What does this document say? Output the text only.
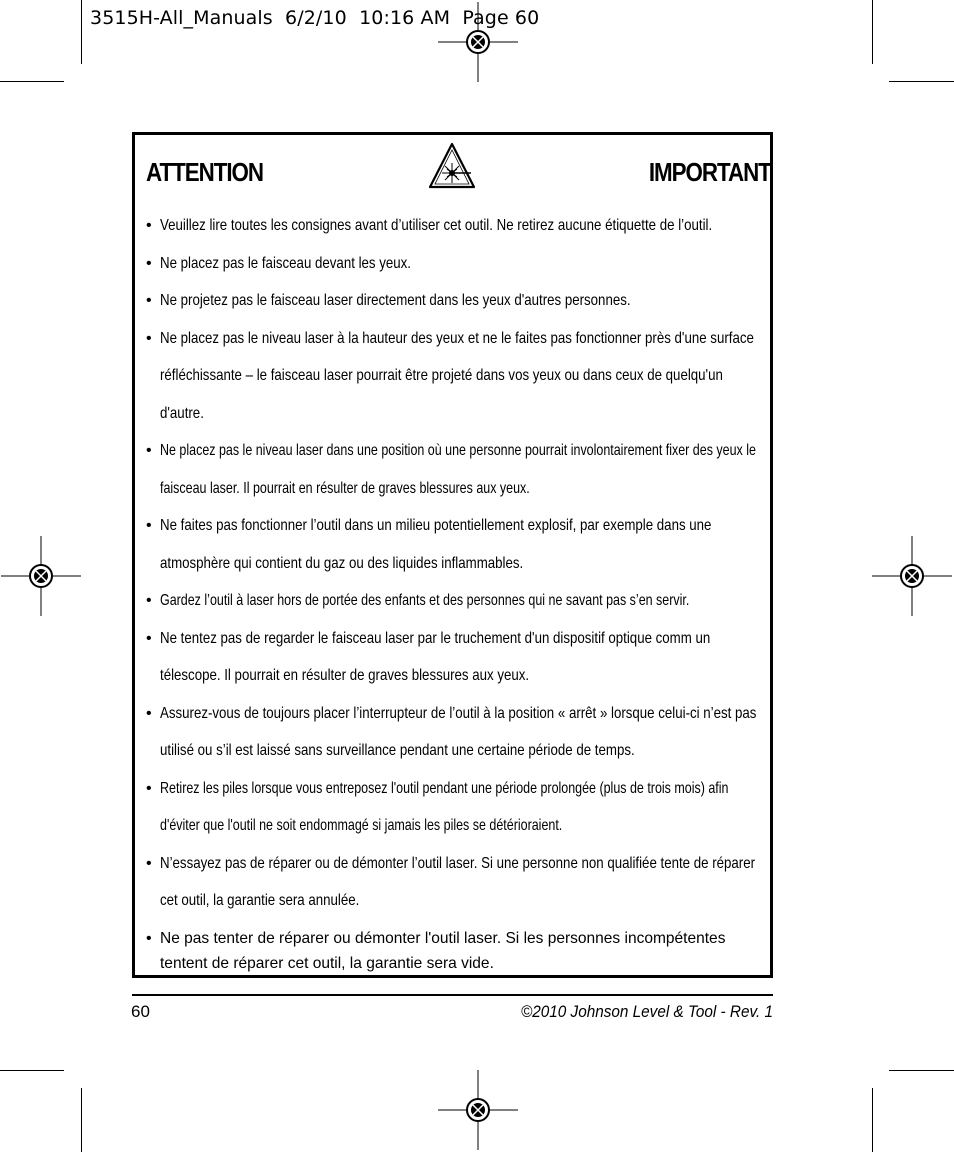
3515H-All_Manuals  6/2/10  10:16 AM  Page 60
ATTENTION	IMPORTANT
• Veuillez lire toutes les consignes avant d’utiliser cet outil. Ne retirez aucune étiquette de l’outil.
• Ne placez pas le faisceau devant les yeux.
• Ne projetez pas le faisceau laser directement dans les yeux d'autres personnes.
• Ne placez pas le niveau laser à la hauteur des yeux et ne le faites pas fonctionner près d'une surface réfléchissante – le faisceau laser pourrait être projeté dans vos yeux ou dans ceux de quelqu'un d'autre.
• Ne placez pas le niveau laser dans une position où une personne pourrait involontairement fixer des yeux le faisceau laser. Il pourrait en résulter de graves blessures aux yeux.
• Ne faites pas fonctionner l’outil dans un milieu potentiellement explosif, par exemple dans une atmosphère qui contient du gaz ou des liquides inflammables.
• Gardez l’outil à laser hors de portée des enfants et des personnes qui ne savant pas s’en servir.
• Ne tentez pas de regarder le faisceau laser par le truchement d'un dispositif optique comm un télescope. Il pourrait en résulter de graves blessures aux yeux.
• Assurez-vous de toujours placer l’interrupteur de l’outil à la position « arrêt » lorsque celui-ci n’est pas utilisé ou s’il est laissé sans surveillance pendant une certaine période de temps.
• Retirez les piles lorsque vous entreposez l'outil pendant une période prolongée (plus de trois mois) afin d'éviter que l'outil ne soit endommagé si jamais les piles se détérioraient.
• N’essayez pas de réparer ou de démonter l’outil laser. Si une personne non qualifiée tente de réparer cet outil, la garantie sera annulée.
• Ne pas tenter de réparer ou démonter l'outil laser. Si les personnes incompétentes tentent de réparer cet outil, la garantie sera vide.
60	©2010 Johnson Level & Tool - Rev. 1
